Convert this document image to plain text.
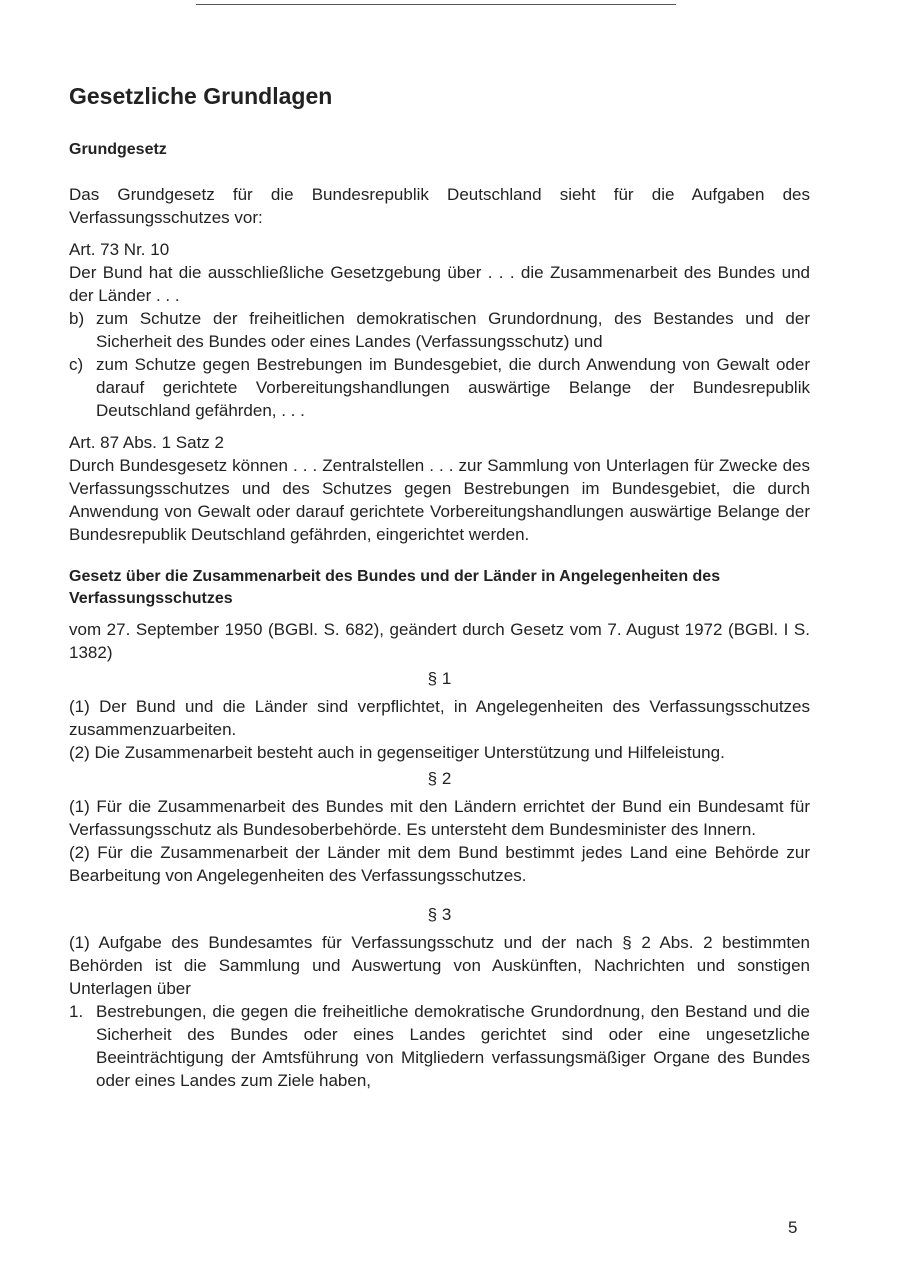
Gesetzliche Grundlagen
Grundgesetz

Das Grundgesetz für die Bundesrepublik Deutschland sieht für die Aufgaben des Verfassungsschutzes vor:

Art. 73 Nr. 10

Der Bund hat die ausschließliche Gesetzgebung über . . . die Zusammenarbeit des Bundes und der Länder . . .

b) zum Schutze der freiheitlichen demokratischen Grundordnung, des Bestandes und der Sicherheit des Bundes oder eines Landes (Verfassungsschutz) und
c) zum Schutze gegen Bestrebungen im Bundesgebiet, die durch Anwendung von Gewalt oder darauf gerichtete Vorbereitungshandlungen auswärtige Belange der Bundesrepublik Deutschland gefährden, . . .

Art. 87 Abs. 1 Satz 2

Durch Bundesgesetz können . . . Zentralstellen . . . zur Sammlung von Unterlagen für Zwecke des Verfassungsschutzes und des Schutzes gegen Bestrebungen im Bundesgebiet, die durch Anwendung von Gewalt oder darauf gerichtete Vorbereitungshandlungen auswärtige Belange der Bundesrepublik Deutschland gefährden, eingerichtet werden.

Gesetz über die Zusammenarbeit des Bundes und der Länder in Angelegenheiten des Verfassungsschutzes

vom 27. September 1950 (BGBl. S. 682), geändert durch Gesetz vom 7. August 1972 (BGBl. I S. 1382)

§ 1

(1) Der Bund und die Länder sind verpflichtet, in Angelegenheiten des Verfassungsschutzes zusammenzuarbeiten.

(2) Die Zusammenarbeit besteht auch in gegenseitiger Unterstützung und Hilfeleistung.

§ 2

(1) Für die Zusammenarbeit des Bundes mit den Ländern errichtet der Bund ein Bundesamt für Verfassungsschutz als Bundesoberbehörde. Es untersteht dem Bundesminister des Innern.

(2) Für die Zusammenarbeit der Länder mit dem Bund bestimmt jedes Land eine Behörde zur Bearbeitung von Angelegenheiten des Verfassungsschutzes.

§ 3

(1) Aufgabe des Bundesamtes für Verfassungsschutz und der nach § 2 Abs. 2 bestimmten Behörden ist die Sammlung und Auswertung von Auskünften, Nachrichten und sonstigen Unterlagen über

1. Bestrebungen, die gegen die freiheitliche demokratische Grundordnung, den Bestand und die Sicherheit des Bundes oder eines Landes gerichtet sind oder eine ungesetzliche Beeinträchtigung der Amtsführung von Mitgliedern verfassungsmäßiger Organe des Bundes oder eines Landes zum Ziele haben,
5
